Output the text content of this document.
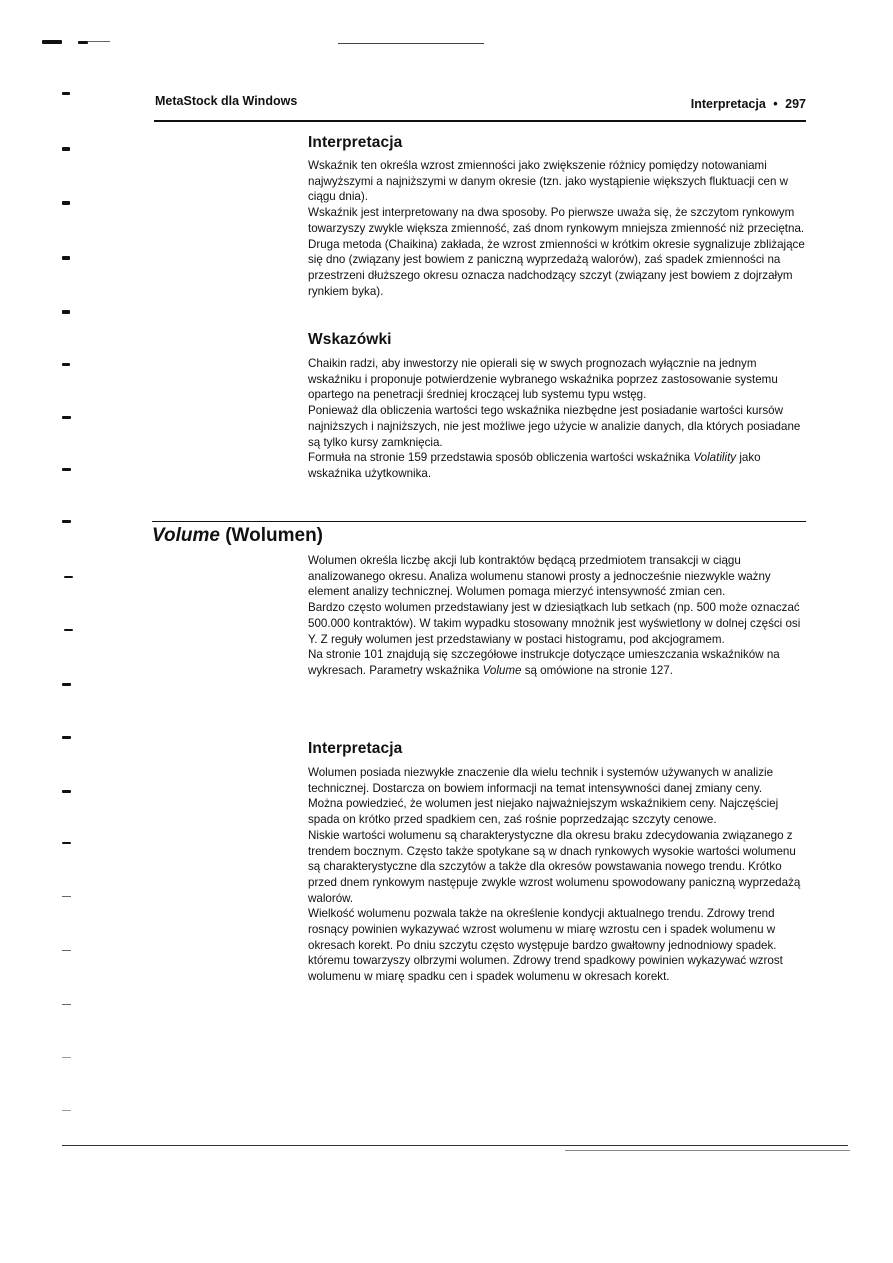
MetaStock dla Windows	Interpretacja • 297
Interpretacja

Wskaźnik ten określa wzrost zmienności jako zwiększenie różnicy pomiędzy notowaniami najwyższymi a najniższymi w danym okresie (tzn. jako wystąpienie większych fluktuacji cen w ciągu dnia).

Wskaźnik jest interpretowany na dwa sposoby. Po pierwsze uważa się, że szczytom rynkowym towarzyszy zwykle większa zmienność, zaś dnom rynkowym mniejsza zmienność niż przeciętna. Druga metoda (Chaikina) zakłada, że wzrost zmienności w krótkim okresie sygnalizuje zbliżające się dno (związany jest bowiem z paniczną wyprzedażą walorów), zaś spadek zmienności na przestrzeni dłuższego okresu oznacza nadchodzący szczyt (związany jest bowiem z dojrzałym rynkiem byka).

Wskazówki

Chaikin radzi, aby inwestorzy nie opierali się w swych prognozach wyłącznie na jednym wskaźniku i proponuje potwierdzenie wybranego wskaźnika poprzez zastosowanie systemu opartego na penetracji średniej kroczącej lub systemu typu wstęg.

Ponieważ dla obliczenia wartości tego wskaźnika niezbędne jest posiadanie wartości kursów najniższych i najniższych, nie jest możliwe jego użycie w analizie danych, dla których posiadane są tylko kursy zamknięcia.

Formuła na stronie 159 przedstawia sposób obliczenia wartości wskaźnika Volatility jako wskaźnika użytkownika.

Volume (Wolumen)

Wolumen określa liczbę akcji lub kontraktów będącą przedmiotem transakcji w ciągu analizowanego okresu. Analiza wolumenu stanowi prosty a jednocześnie niezwykle ważny element analizy technicznej. Wolumen pomaga mierzyć intensywność zmian cen.

Bardzo często wolumen przedstawiany jest w dziesiątkach lub setkach (np. 500 może oznaczać 500.000 kontraktów). W takim wypadku stosowany mnożnik jest wyświetlony w dolnej części osi Y. Z reguły wolumen jest przedstawiany w postaci histogramu, pod akcjogramem.

Na stronie 101 znajdują się szczegółowe instrukcje dotyczące umieszczania wskaźników na wykresach. Parametry wskaźnika Volume są omówione na stronie 127.

Interpretacja

Wolumen posiada niezwykłe znaczenie dla wielu technik i systemów używanych w analizie technicznej. Dostarcza on bowiem informacji na temat intensywności danej zmiany ceny.

Można powiedzieć, że wolumen jest niejako najważniejszym wskaźnikiem ceny. Najczęściej spada on krótko przed spadkiem cen, zaś rośnie poprzedzając szczyty cenowe.

Niskie wartości wolumenu są charakterystyczne dla okresu braku zdecydowania związanego z trendem bocznym. Często także spotykane są w dnach rynkowych wysokie wartości wolumenu są charakterystyczne dla szczytów a także dla okresów powstawania nowego trendu. Krótko przed dnem rynkowym następuje zwykle wzrost wolumenu spowodowany paniczną wyprzedażą walorów.

Wielkość wolumenu pozwala także na określenie kondycji aktualnego trendu. Zdrowy trend rosnący powinien wykazywać wzrost wolumenu w miarę wzrostu cen i spadek wolumenu w okresach korekt. Po dniu szczytu często występuje bardzo gwałtowny jednodniowy spadek. któremu towarzyszy olbrzymi wolumen. Zdrowy trend spadkowy powinien wykazywać wzrost wolumenu w miarę spadku cen i spadek wolumenu w okresach korekt.
